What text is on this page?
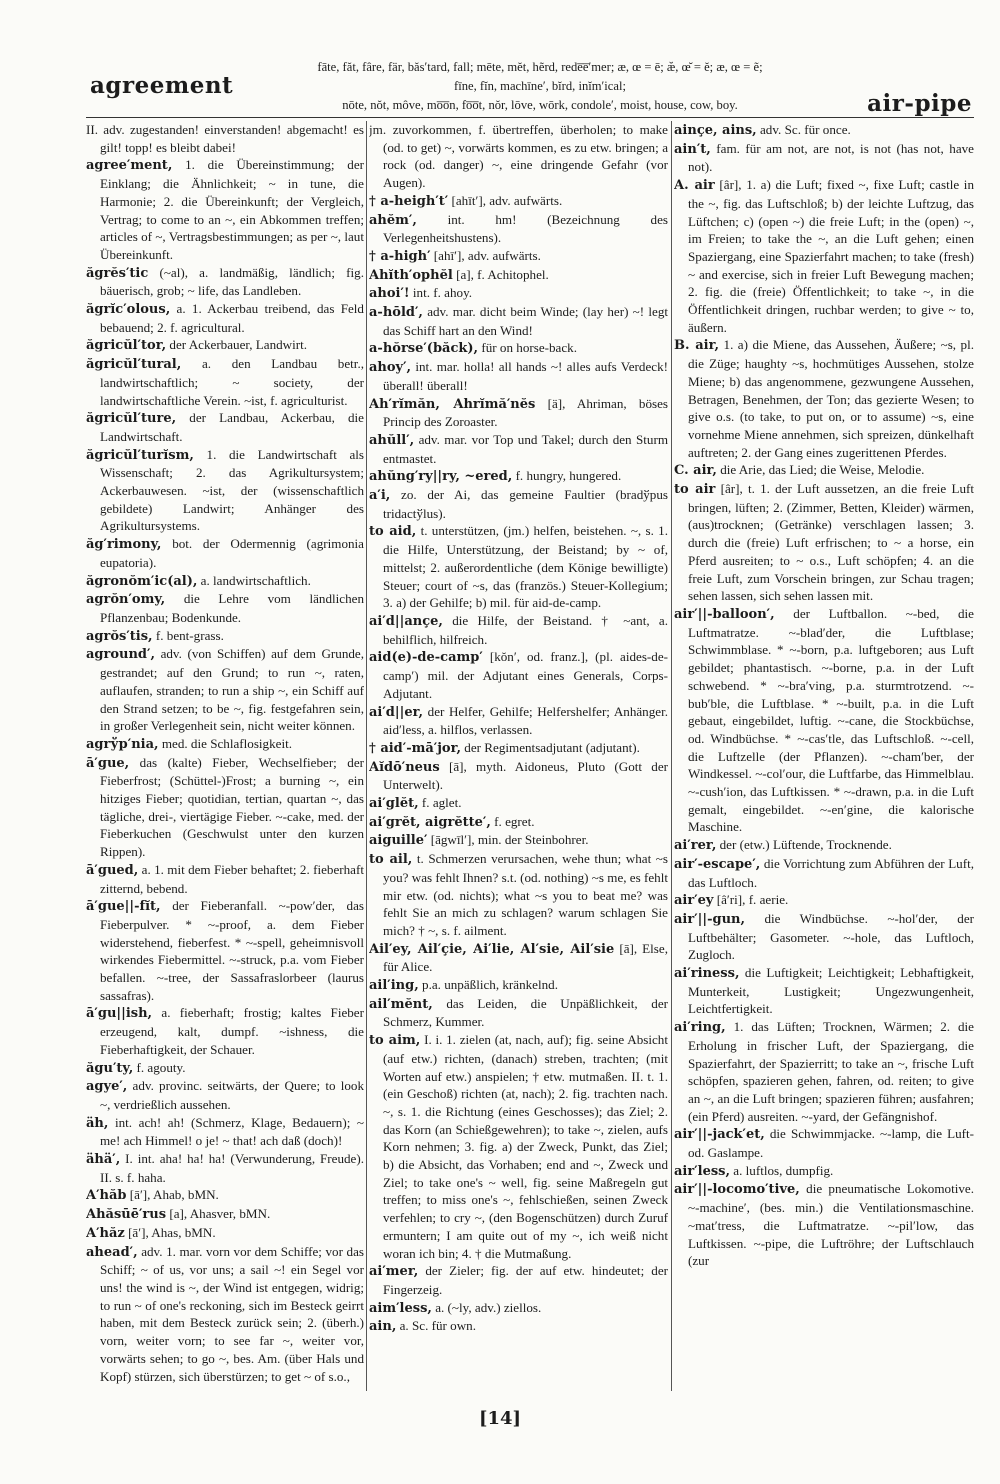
agreement
fāte, făt, fâre, fär, băs′tard, fall; mēte, mĕt, hẽrd, rede̅e̅′mer; æ, œ = ē; æ̆, œ̆ = ĕ; æ, œ = ẽ;
fīne, fĭn, machīne′, bĭrd, inĭm′ical;
nōte, nŏt, môve, mo̅o̅n, fo̅o̅t, nŏr, lōve, wōrk, condole′, moist, house, cow, boy.	air-pipe

II. adv. zugestanden! einverstanden! abgemacht! es gilt! topp! es bleibt dabei!

agree′ment, 1. die Übereinstimmung; der Einklang; die Ähnlichkeit; ~ in tune, die Harmonie; 2. die Übereinkunft; der Vergleich, Vertrag; to come to an ~, ein Abkommen treffen; articles of ~, Vertragsbestimmungen; as per ~, laut Übereinkunft.

ăgrĕs′tic (~al), a. landmäßig, ländlich; fig. bäuerisch, grob; ~ life, das Landleben.

ăgrĭc′olous, a. 1. Ackerbau treibend, das Feld bebauend; 2. f. agricultural.

ăgricŭl′tor, der Ackerbauer, Landwirt.

ăgricŭl′tural, a. den Landbau betr., landwirtschaftlich; ~ society, der landwirtschaftliche Verein. ~ist, f. agriculturist.

ăgricŭl′ture, der Landbau, Ackerbau, die Landwirtschaft.

ăgricŭl′turĭsm, 1. die Landwirtschaft als Wissenschaft; 2. das Agrikultursystem; Ackerbauwesen. ~ist, der (wissenschaftlich gebildete) Landwirt; Anhänger des Agrikultursystems.

ăg′rimony, bot. der Odermennig (agrimonia eupatoria).

ăgronŏm′ic(al), a. landwirtschaftlich.

agrŏn′omy, die Lehre vom ländlichen Pflanzenbau; Bodenkunde.

agrŏs′tis, f. bent-grass.

aground′, adv. (von Schiffen) auf dem Grunde, gestrandet; auf den Grund; to run ~, raten, auflaufen, stranden; to run a ship ~, ein Schiff auf den Strand setzen; to be ~, fig. festgefahren sein, in großer Verlegenheit sein, nicht weiter können.

agrўp′nia, med. die Schlaflosigkeit.

ā′gue, das (kalte) Fieber, Wechselfieber; der Fieberfrost; (Schüttel-)Frost; a burning ~, ein hitziges Fieber; quotidian, tertian, quartan ~, das tägliche, drei-, viertägige Fieber. ~-cake, med. der Fieberkuchen (Geschwulst unter den kurzen Rippen).

ā′gued, a. 1. mit dem Fieber behaftet; 2. fieberhaft zitternd, bebend.

ā′gue||-fĭt, der Fieberanfall. ~-pow′der, das Fieberpulver. * ~-proof, a. dem Fieber widerstehend, fieberfest. * ~-spell, geheimnisvoll wirkendes Fiebermittel. ~-struck, p.a. vom Fieber befallen. ~-tree, der Sassafraslorbeer (laurus sassafras).

ā′gu||ish, a. fieberhaft; frostig; kaltes Fieber erzeugend, kalt, dumpf. ~ishness, die Fieberhaftigkeit, der Schauer.

ăgu′ty, f. agouty.

agye′, adv. provinc. seitwärts, der Quere; to look ~, verdrießlich aussehen.

äh, int. ach! ah! (Schmerz, Klage, Bedauern); ~ me! ach Himmel! o je! ~ that! ach daß (doch)!

ähä′, I. int. aha! ha! ha! (Verwunderung, Freude). II. s. f. haha.

A′hăb [ā′], Ahab, bMN.

Ahăsūē′rus [a], Ahasver, bMN.

A′hăz [ā′], Ahas, bMN.

ahead′, adv. 1. mar. vorn vor dem Schiffe; vor das Schiff; ~ of us, vor uns; a sail ~! ein Segel vor uns! the wind is ~, der Wind ist entgegen, widrig; to run ~ of one's reckoning, sich im Besteck geirrt haben, mit dem Besteck zurück sein; 2. (überh.) vorn, weiter vorn; to see far ~, weiter vor, vorwärts sehen; to go ~, bes. Am. (über Hals und Kopf) stürzen, sich überstürzen; to get ~ of s.o.,

jm. zuvorkommen, f. übertreffen, überholen; to make (od. to get) ~, vorwärts kommen, es zu etw. bringen; a rock (od. danger) ~, eine dringende Gefahr (vor Augen).

† a-heigh′t′ [ahīt′], adv. aufwärts.

ahĕm′, int. hm! (Bezeichnung des Verlegenheitshustens).

† a-high′ [ahī′], adv. aufwärts.

Ahĭth′ophĕl [a], f. Achitophel.

ahoi′! int. f. ahoy.

a-hōld′, adv. mar. dicht beim Winde; (lay her) ~! legt das Schiff hart an den Wind!

a-hŏrse′(băck), für on horse-back.

ahoy′, int. mar. holla! all hands ~! alles aufs Verdeck! überall! überall!

Ah′rĭmăn, Ahrĭmă′nĕs [ä], Ahriman, böses Princip des Zoroaster.

ahŭll′, adv. mar. vor Top und Takel; durch den Sturm entmastet.

ahŭng′ry||ry, ~ered, f. hungry, hungered.

a′i, zo. der Ai, das gemeine Faultier (bradўpus tridactўlus).

to aid, t. unterstützen, (jm.) helfen, beistehen. ~, s. 1. die Hilfe, Unterstützung, der Beistand; by ~ of, mittelst; 2. außerordentliche (dem Könige bewilligte) Steuer; court of ~s, das (französ.) Steuer-Kollegium; 3. a) der Gehilfe; b) mil. für aid-de-camp.

ai′d||ançe, die Hilfe, der Beistand. † ~ant, a. behilflich, hilfreich.

aid(e)-de-camp′ [kŏn′, od. franz.], (pl. aides-de-camp′) mil. der Adjutant eines Generals, Corps-Adjutant.

ai′d||er, der Helfer, Gehilfe; Helfershelfer; Anhänger. aid′less, a. hilflos, verlassen.

† aid′-mā′jor, der Regimentsadjutant (adjutant).

Aĭdō′neus [ā], myth. Aidoneus, Pluto (Gott der Unterwelt).

ai′glĕt, f. aglet.

ai′grĕt, aigrĕtte′, f. egret.

aiguille′ [āgwīl′], min. der Steinbohrer.

to ail, t. Schmerzen verursachen, wehe thun; what ~s you? was fehlt Ihnen? s.t. (od. nothing) ~s me, es fehlt mir etw. (od. nichts); what ~s you to beat me? was fehlt Sie an mich zu schlagen? warum schlagen Sie mich? † ~, s. f. ailment.

Ail′ey, Ail′çie, Ai′lie, Al′sie, Ail′sie [ā], Else, für Alice.

ail′ing, p.a. unpäßlich, kränkelnd.

ail′mĕnt, das Leiden, die Unpäßlichkeit, der Schmerz, Kummer.

to aim, I. i. 1. zielen (at, nach, auf); fig. seine Absicht (auf etw.) richten, (danach) streben, trachten; (mit Worten auf etw.) anspielen; † etw. mutmaßen. II. t. 1. (ein Geschoß) richten (at, nach); 2. fig. trachten nach. ~, s. 1. die Richtung (eines Geschosses); das Ziel; 2. das Korn (an Schießgewehren); to take ~, zielen, aufs Korn nehmen; 3. fig. a) der Zweck, Punkt, das Ziel; b) die Absicht, das Vorhaben; end and ~, Zweck und Ziel; to take one's ~ well, fig. seine Maßregeln gut treffen; to miss one's ~, fehlschießen, seinen Zweck verfehlen; to cry ~, (den Bogenschützen) durch Zuruf ermuntern; I am quite out of my ~, ich weiß nicht woran ich bin; 4. † die Mutmaßung.

ai′mer, der Zieler; fig. der auf etw. hindeutet; der Fingerzeig.

aim′less, a. (~ly, adv.) ziellos.

ain, a. Sc. für own.

ainçe, ains, adv. Sc. für once.

ain′t, fam. für am not, are not, is not (has not, have not).

A. air [âr], 1. a) die Luft; fixed ~, fixe Luft; castle in the ~, fig. das Luftschloß; b) der leichte Luftzug, das Lüftchen; c) (open ~) die freie Luft; in the (open) ~, im Freien; to take the ~, an die Luft gehen; einen Spaziergang, eine Spazierfahrt machen; to take (fresh) ~ and exercise, sich in freier Luft Bewegung machen; 2. fig. die (freie) Öffentlichkeit; to take ~, in die Öffentlichkeit dringen, ruchbar werden; to give ~ to, äußern.

B. air, 1. a) die Miene, das Aussehen, Äußere; ~s, pl. die Züge; haughty ~s, hochmütiges Aussehen, stolze Miene; b) das angenommene, gezwungene Aussehen, Betragen, Benehmen, der Ton; das gezierte Wesen; to give o.s. (to take, to put on, or to assume) ~s, eine vornehme Miene annehmen, sich spreizen, dünkelhaft auftreten; 2. der Gang eines zugerittenen Pferdes.

C. air, die Arie, das Lied; die Weise, Melodie.

to air [âr], t. 1. der Luft aussetzen, an die freie Luft bringen, lüften; 2. (Zimmer, Betten, Kleider) wärmen, (aus)trocknen; (Getränke) verschlagen lassen; 3. durch die (freie) Luft erfrischen; to ~ a horse, ein Pferd ausreiten; to ~ o.s., Luft schöpfen; 4. an die freie Luft, zum Vorschein bringen, zur Schau tragen; sehen lassen, sich sehen lassen mit.

air′||-balloon′, der Luftballon. ~-bed, die Luftmatratze. ~-blad′der, die Luftblase; Schwimmblase. * ~-born, p.a. luftgeboren; aus Luft gebildet; phantastisch. ~-borne, p.a. in der Luft schwebend. * ~-bra′ving, p.a. sturmtrotzend. ~-bub′ble, die Luftblase. * ~-built, p.a. in die Luft gebaut, eingebildet, luftig. ~-cane, die Stockbüchse, od. Windbüchse. * ~-cas′tle, das Luftschloß. ~-cell, die Luftzelle (der Pflanzen). ~-cham′ber, der Windkessel. ~-col′our, die Luftfarbe, das Himmelblau. ~-cush′ion, das Luftkissen. * ~-drawn, p.a. in die Luft gemalt, eingebildet. ~-en′gine, die kalorische Maschine.

ai′rer, der (etw.) Lüftende, Trocknende.

air′-escape′, die Vorrichtung zum Abführen der Luft, das Luftloch.

air′ey [â′ri], f. aerie.

air′||-gun, die Windbüchse. ~-hol′der, der Luftbehälter; Gasometer. ~-hole, das Luftloch, Zugloch.

ai′riness, die Luftigkeit; Leichtigkeit; Lebhaftigkeit, Munterkeit, Lustigkeit; Ungezwungenheit, Leichtfertigkeit.

ai′ring, 1. das Lüften; Trocknen, Wärmen; 2. die Erholung in frischer Luft, der Spaziergang, die Spazierfahrt, der Spazierritt; to take an ~, frische Luft schöpfen, spazieren gehen, fahren, od. reiten; to give an ~, an die Luft bringen; spazieren führen; ausfahren; (ein Pferd) ausreiten. ~-yard, der Gefängnishof.

air′||-jack′et, die Schwimmjacke. ~-lamp, die Luft- od. Gaslampe.

air′less, a. luftlos, dumpfig.

air′||-locomo′tive, die pneumatische Lokomotive. ~-machine′, (bes. min.) die Ventilationsmaschine. ~mat′tress, die Luftmatratze. ~-pil′low, das Luftkissen. ~-pipe, die Luftröhre; der Luftschlauch (zur

[14]
